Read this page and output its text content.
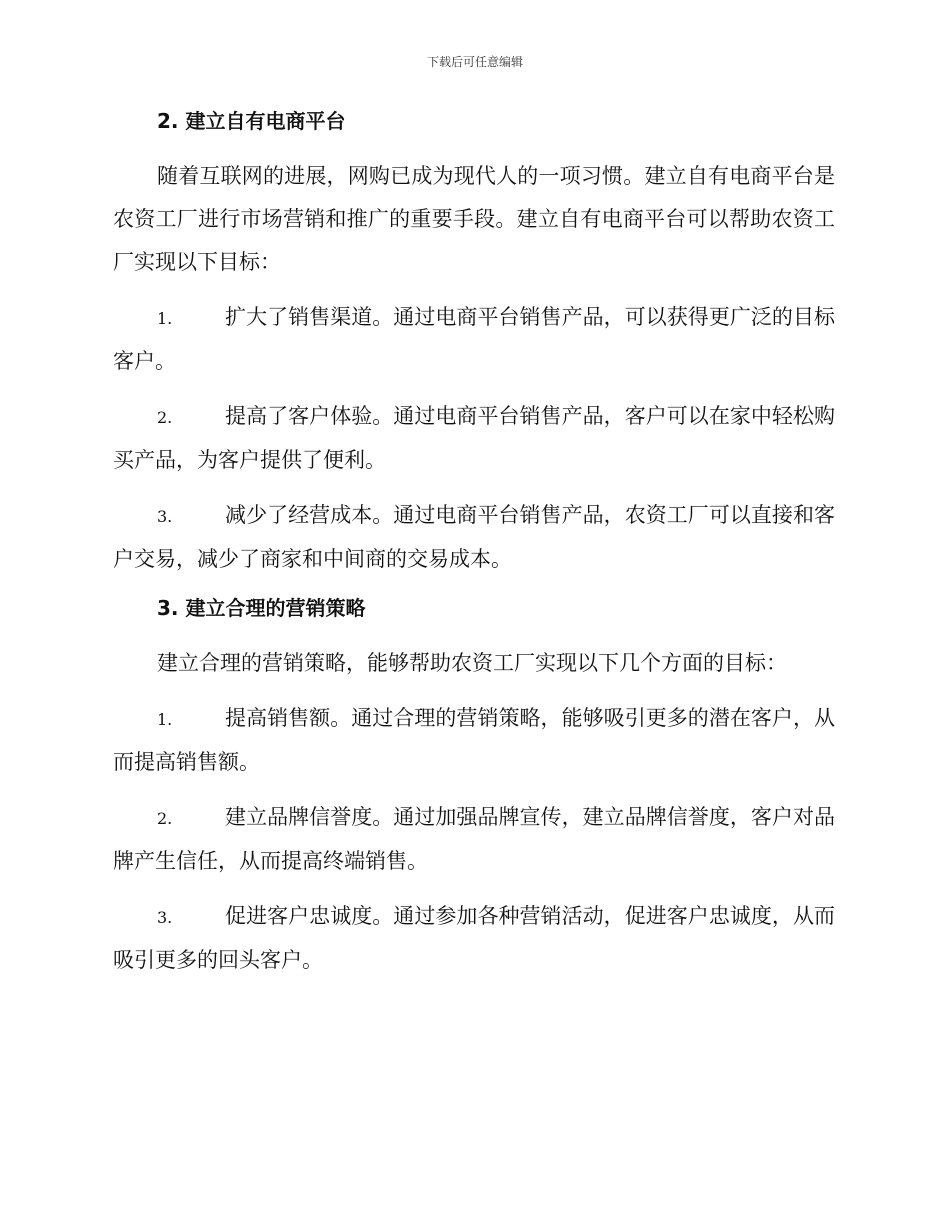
下载后可任意编辑
2. 建立自有电商平台

随着互联网的进展，网购已成为现代人的一项习惯。建立自有电商平台是农资工厂进行市场营销和推广的重要手段。建立自有电商平台可以帮助农资工厂实现以下目标：

1.	扩大了销售渠道。通过电商平台销售产品，可以获得更广泛的目标客户。

2.	提高了客户体验。通过电商平台销售产品，客户可以在家中轻松购买产品，为客户提供了便利。

3.	减少了经营成本。通过电商平台销售产品，农资工厂可以直接和客户交易，减少了商家和中间商的交易成本。

3. 建立合理的营销策略

建立合理的营销策略，能够帮助农资工厂实现以下几个方面的目标：

1.	提高销售额。通过合理的营销策略，能够吸引更多的潜在客户，从而提高销售额。

2.	建立品牌信誉度。通过加强品牌宣传，建立品牌信誉度，客户对品牌产生信任，从而提高终端销售。

3.	促进客户忠诚度。通过参加各种营销活动，促进客户忠诚度，从而吸引更多的回头客户。
